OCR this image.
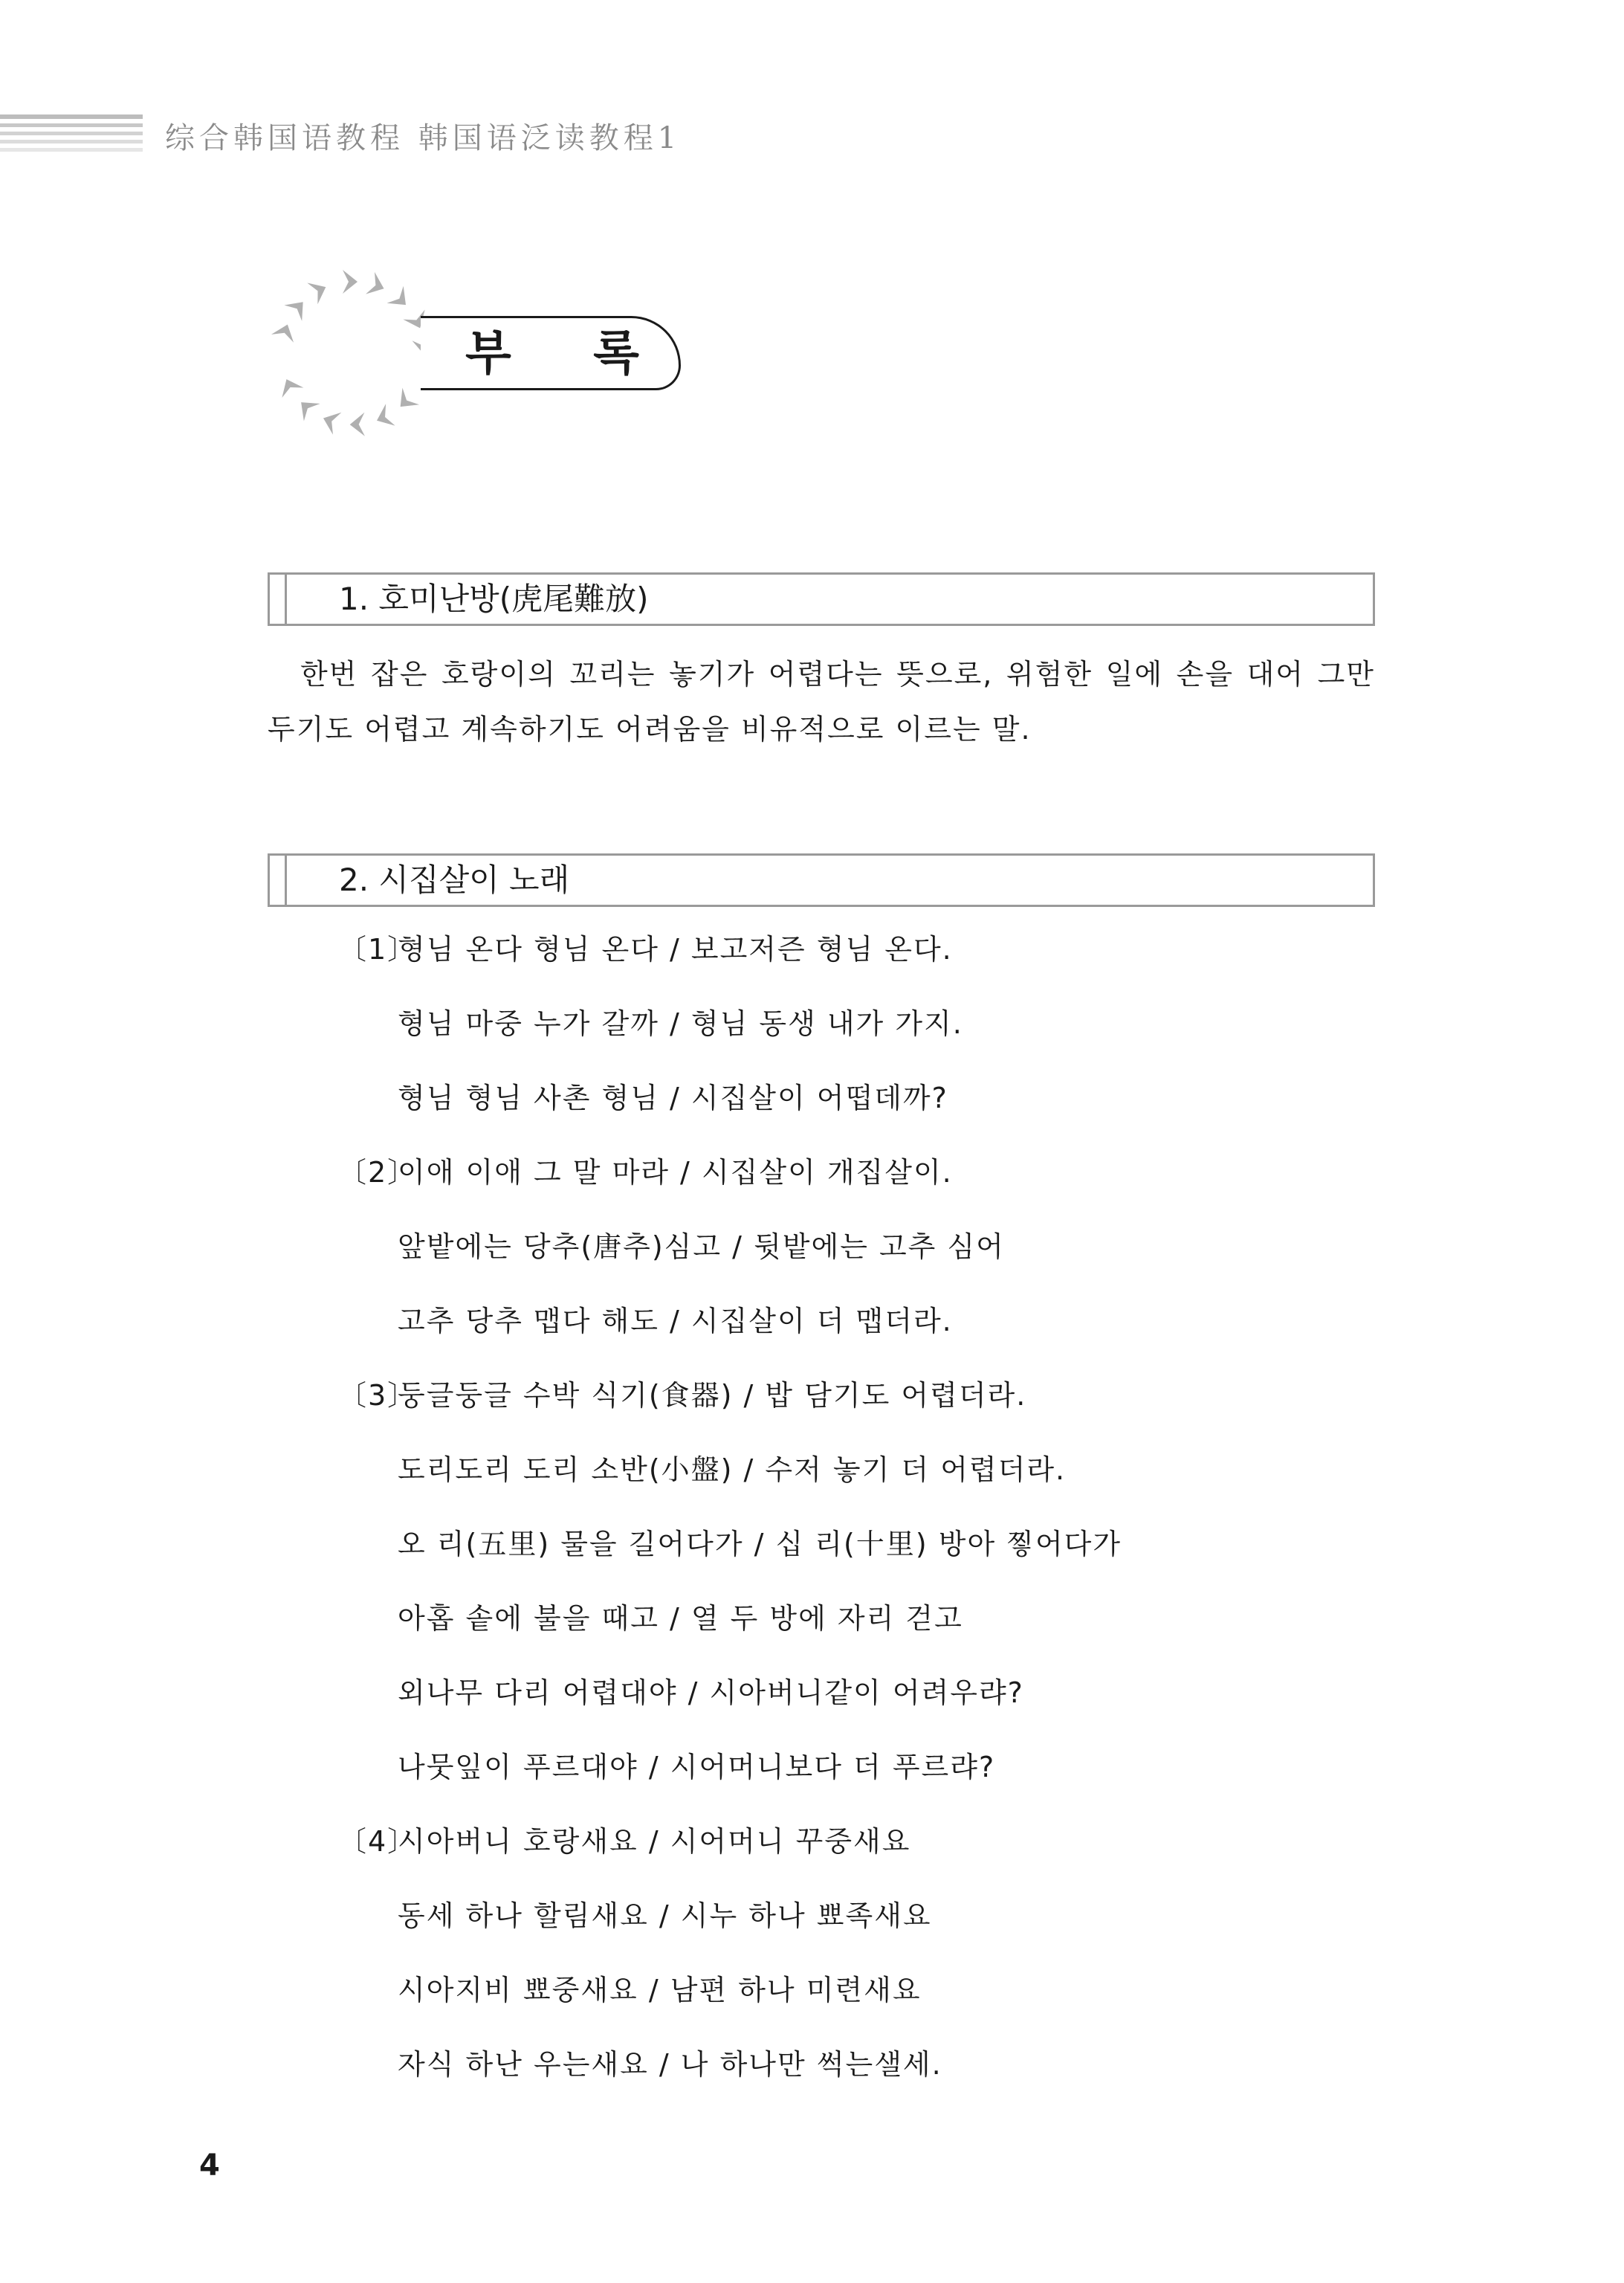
综合韩国语教程 韩国语泛读教程1
부 록
1. 호미난방(虎尾難放)

한번 잡은 호랑이의 꼬리는 놓기가 어렵다는 뜻으로, 위험한 일에 손을 대어 그만두기도 어렵고 계속하기도 어려움을 비유적으로 이르는 말.

2. 시집살이 노래
〔1〕
형님 온다 형님 온다 / 보고저즌 형님 온다.
형님 마중 누가 갈까 / 형님 동생 내가 가지.
형님 형님 사촌 형님 / 시집살이 어떱데까?
〔2〕
이애 이애 그 말 마라 / 시집살이 개집살이.
앞밭에는 당추(唐추)심고 / 뒷밭에는 고추 심어
고추 당추 맵다 해도 / 시집살이 더 맵더라.
〔3〕
둥글둥글 수박 식기(食器) / 밥 담기도 어렵더라.
도리도리 도리 소반(小盤) / 수저 놓기 더 어렵더라.
오 리(五里) 물을 길어다가 / 십 리(十里) 방아 찧어다가
아홉 솥에 불을 때고 / 열 두 방에 자리 걷고
외나무 다리 어렵대야 / 시아버니같이 어려우랴?
나뭇잎이 푸르대야 / 시어머니보다 더 푸르랴?
〔4〕
시아버니 호랑새요 / 시어머니 꾸중새요
동세 하나 할림새요 / 시누 하나 뾰족새요
시아지비 뾰중새요 / 남편 하나 미련새요
자식 하난 우는새요 / 나 하나만 썩는샐세.
4
